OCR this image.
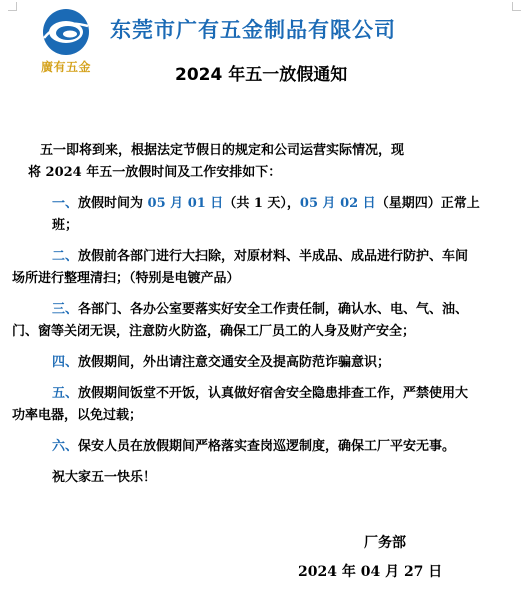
廣有五金
东莞市广有五金制品有限公司
2024 年五一放假通知

五一即将到来，根据法定节假日的规定和公司运营实际情况，现

将 2024 年五一放假时间及工作安排如下：

一、放假时间为 05 月 01 日（共 1 天），05 月 02 日（星期四）正常上班；

二、放假前各部门进行大扫除，对原材料、半成品、成品进行防护、车间
场所进行整理清扫；（特别是电镀产品）
三、各部门、各办公室要落实好安全工作责任制，确认水、电、气、油、
门、窗等关闭无误，注意防火防盗，确保工厂员工的人身及财产安全；

四、放假期间，外出请注意交通安全及提高防范诈骗意识；

五、放假期间饭堂不开饭，认真做好宿舍安全隐患排查工作，严禁使用大
功率电器，以免过载；

六、保安人员在放假期间严格落实查岗巡逻制度，确保工厂平安无事。

祝大家五一快乐！

厂务部
2024 年 04 月 27 日
